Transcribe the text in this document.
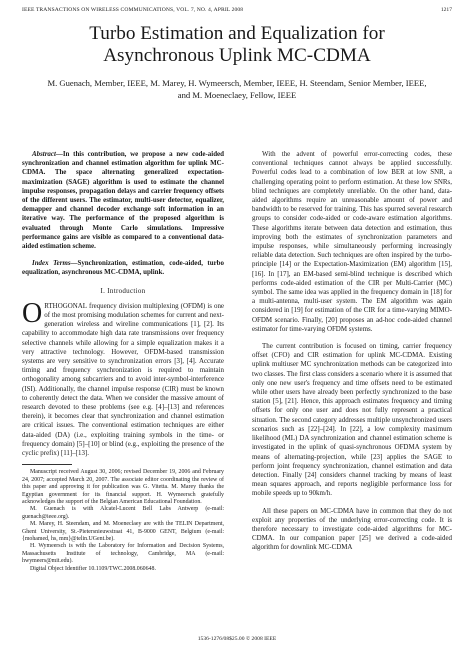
IEEE TRANSACTIONS ON WIRELESS COMMUNICATIONS, VOL. 7, NO. 4, APRIL 2008	1217
Turbo Estimation and Equalization for
Asynchronous Uplink MC-CDMA
M. Guenach, Member, IEEE, M. Marey, H. Wymeersch, Member, IEEE, H. Steendam, Senior Member, IEEE,
and M. Moeneclaey, Fellow, IEEE

Abstract—In this contribution, we propose a new code-aided synchronization and channel estimation algorithm for uplink MC-CDMA. The space alternating generalized expectation-maximization (SAGE) algorithm is used to estimate the channel impulse responses, propagation delays and carrier frequency offsets of the different users. The estimator, multi-user detector, equalizer, demapper and channel decoder exchange soft information in an iterative way. The performance of the proposed algorithm is evaluated through Monte Carlo simulations. Impressive performance gains are visible as compared to a conventional data-aided estimation scheme.

Index Terms—Synchronization, estimation, code-aided, turbo equalization, asynchronous MC-CDMA, uplink.

I. Introduction

ORTHOGONAL frequency division multiplexing (OFDM) is one of the most promising modulation schemes for current and next-generation wireless and wireline communications [1], [2]. Its capability to accommodate high data rate transmissions over frequency selective channels while allowing for a simple equalization makes it a very attractive technology. However, OFDM-based transmission systems are very sensitive to synchronization errors [3], [4]. Accurate timing and frequency synchronization is required to maintain orthogonality among subcarriers and to avoid inter-symbol-interference (ISI). Additionally, the channel impulse response (CIR) must be known to coherently detect the data. When we consider the massive amount of research devoted to these problems (see e.g. [4]–[13] and references therein), it becomes clear that synchronization and channel estimation are critical issues. The conventional estimation techniques are either data-aided (DA) (i.e., exploiting training symbols in the time- or frequency domain) [5]–[10] or blind (e.g., exploiting the presence of the cyclic prefix) [11]–[13].

Manuscript received August 30, 2006; revised December 19, 2006 and February 24, 2007; accepted March 20, 2007. The associate editor coordinating the review of this paper and approving it for publication was G. Vitetta. M. Marey thanks the Egyptian government for its financial support. H. Wymeersch gratefully acknowledges the support of the Belgian American Educational Foundation.

M. Guenach is with Alcatel-Lucent Bell Labs Antwerp (e-mail: guenach@ieee.org).

M. Marey, H. Steendam, and M. Moeneclaey are with the TELIN Department, Ghent University, St.-Pietersnieuwstraat 41, B-9000 GENT, Belgium (e-mail: {mohamed, hs, mm}@telin.UGent.be).

H. Wymeersch is with the Laboratory for Information and Decision Systems, Massachusetts Institute of technology, Cambridge, MA (e-mail: hwymeers@mit.edu).

Digital Object Identifier 10.1109/TWC.2008.060648.

With the advent of powerful error-correcting codes, these conventional techniques cannot always be applied successfully. Powerful codes lead to a combination of low BER at low SNR, a challenging operating point to perform estimation. At these low SNRs, blind techniques are completely unreliable. On the other hand, data-aided algorithms require an unreasonable amount of power and bandwidth to be reserved for training. This has spurred several research groups to consider code-aided or code-aware estimation algorithms. These algorithms iterate between data detection and estimation, thus improving both the estimates of synchronization parameters and impulse responses, while simultaneously performing increasingly reliable data detection. Such techniques are often inspired by the turbo-principle [14] or the Expectation-Maximization (EM) algorithm [15], [16]. In [17], an EM-based semi-blind technique is described which performs code-aided estimation of the CIR per Multi-Carrier (MC) symbol. The same idea was applied in the frequency domain in [18] for a multi-antenna, multi-user system. The EM algorithm was again considered in [19] for estimation of the CIR for a time-varying MIMO-OFDM scenario. Finally, [20] proposes an ad-hoc code-aided channel estimator for time-varying OFDM systems.

The current contribution is focused on timing, carrier frequency offset (CFO) and CIR estimation for uplink MC-CDMA. Existing uplink multiuser MC synchronization methods can be categorized into two classes. The first class considers a scenario where it is assumed that only one new user's frequency and time offsets need to be estimated while other users have already been perfectly synchronized to the base station [5], [21]. Hence, this approach estimates frequency and timing offsets for only one user and does not fully represent a practical situation. The second category addresses multiple unsynchronized users scenarios such as [22]–[24]. In [22], a low complexity maximum likelihood (ML) DA synchronization and channel estimation scheme is investigated in the uplink of quasi-synchronous OFDMA system by means of alternating-projection, while [23] applies the SAGE to perform joint frequency synchronization, channel estimation and data detection. Finally [24] considers channel tracking by means of least mean squares approach, and reports negligible performance loss for mobile speeds up to 90km/h.

All these papers on MC-CDMA have in common that they do not exploit any properties of the underlying error-correcting code. It is therefore necessary to investigate code-aided algorithms for MC-CDMA. In our companion paper [25] we derived a code-aided algorithm for downlink MC-CDMA

1536-1276/08$25.00 © 2008 IEEE
